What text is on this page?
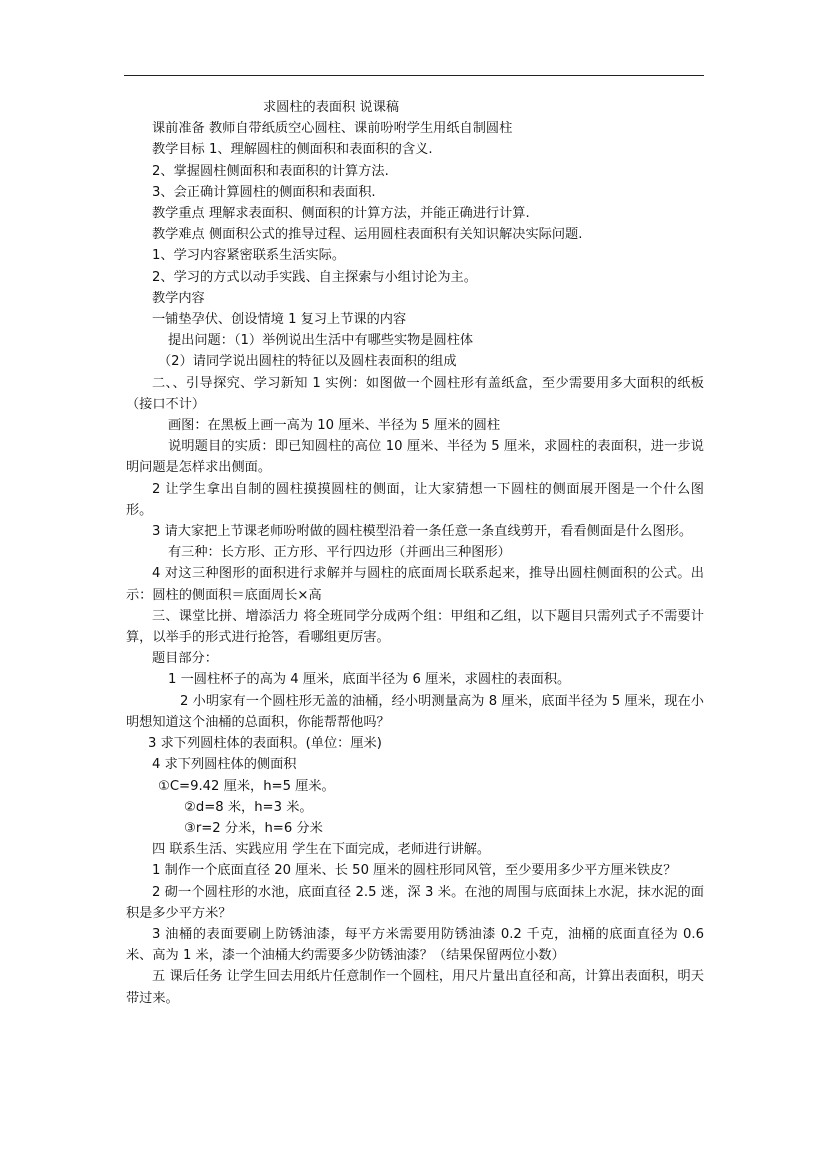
求圆柱的表面积 说课稿

课前准备 教师自带纸质空心圆柱、课前吩咐学生用纸自制圆柱

教学目标 1、理解圆柱的侧面积和表面积的含义.

2、掌握圆柱侧面积和表面积的计算方法.

3、会正确计算圆柱的侧面积和表面积.

教学重点 理解求表面积、侧面积的计算方法，并能正确进行计算.

教学难点 侧面积公式的推导过程、运用圆柱表面积有关知识解决实际问题.

1、学习内容紧密联系生活实际。

2、学习的方式以动手实践、自主探索与小组讨论为主。

教学内容

一铺垫孕伏、创设情境 1 复习上节课的内容

提出问题：（1）举例说出生活中有哪些实物是圆柱体

（2）请同学说出圆柱的特征以及圆柱表面积的组成

二、、引导探究、学习新知 1 实例：如图做一个圆柱形有盖纸盒，至少需要用多大面积的纸板（接口不计）

画图：在黑板上画一高为 10 厘米、半径为 5 厘米的圆柱

说明题目的实质：即已知圆柱的高位 10 厘米、半径为 5 厘米，求圆柱的表面积，进一步说明问题是怎样求出侧面。

2 让学生拿出自制的圆柱摸摸圆柱的侧面，让大家猜想一下圆柱的侧面展开图是一个什么图形。

3 请大家把上节课老师吩咐做的圆柱模型沿着一条任意一条直线剪开，看看侧面是什么图形。

有三种：长方形、正方形、平行四边形（并画出三种图形）

4 对这三种图形的面积进行求解并与圆柱的底面周长联系起来，推导出圆柱侧面积的公式。出示：圆柱的侧面积＝底面周长×高

三、课堂比拼、增添活力 将全班同学分成两个组：甲组和乙组，以下题目只需列式子不需要计算，以举手的形式进行抢答，看哪组更厉害。

题目部分：

1 一圆柱杯子的高为 4 厘米，底面半径为 6 厘米，求圆柱的表面积。

2 小明家有一个圆柱形无盖的油桶，经小明测量高为 8 厘米，底面半径为 5 厘米，现在小明想知道这个油桶的总面积，你能帮帮他吗？

3 求下列圆柱体的表面积。(单位：厘米)

4 求下列圆柱体的侧面积

①C=9.42 厘米，h=5 厘米。

②d=8 米，h=3 米。

③r=2 分米，h=6 分米

四 联系生活、实践应用 学生在下面完成，老师进行讲解。

1 制作一个底面直径 20 厘米、长 50 厘米的圆柱形同风管，至少要用多少平方厘米铁皮？

2 砌一个圆柱形的水池，底面直径 2.5 迷，深 3 米。在池的周围与底面抹上水泥，抹水泥的面积是多少平方米？

3 油桶的表面要刷上防锈油漆，每平方米需要用防锈油漆 0.2 千克，油桶的底面直径为 0.6 米、高为 1 米，漆一个油桶大约需要多少防锈油漆？（结果保留两位小数）

五 课后任务 让学生回去用纸片任意制作一个圆柱，用尺片量出直径和高，计算出表面积，明天带过来。
